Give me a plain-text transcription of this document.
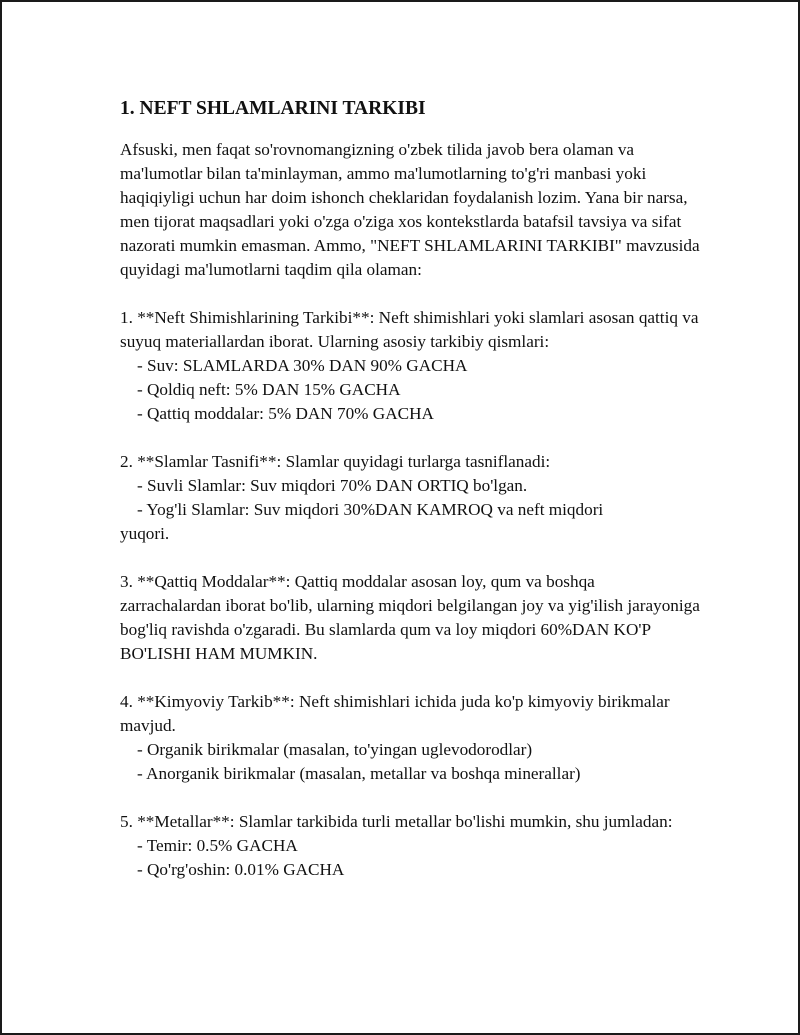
1. NEFT SHLAMLARINI TARKIBI

Afsuski, men faqat so'rovnomangizning o'zbek tilida javob bera olaman va ma'lumotlar bilan ta'minlayman, ammo ma'lumotlarning to'g'ri manbasi yoki haqiqiyligi uchun har doim ishonch cheklaridan foydalanish lozim. Yana bir narsa, men tijorat maqsadlari yoki o'zga o'ziga xos kontekstlarda batafsil tavsiya va sifat nazorati mumkin emasman. Ammo, "NEFT SHLAMLARINI TARKIBI" mavzusida quyidagi ma'lumotlarni taqdim qila olaman:

1. **Neft Shimishlarining Tarkibi**: Neft shimishlari yoki slamlari asosan qattiq va suyuq materiallardan iborat. Ularning asosiy tarkibiy qismlari:

- Suv: SLAMLARDA 30% DAN 90% GACHA

- Qoldiq neft: 5% DAN 15% GACHA

- Qattiq moddalar: 5% DAN 70% GACHA

2. **Slamlar Tasnifi**: Slamlar quyidagi turlarga tasniflanadi:

- Suvli Slamlar: Suv miqdori 70% DAN ORTIQ bo'lgan.

- Yog'li Slamlar: Suv miqdori 30%DAN KAMROQ va neft miqdori

yuqori.

3. **Qattiq Moddalar**: Qattiq moddalar asosan loy, qum va boshqa zarrachalardan iborat bo'lib, ularning miqdori belgilangan joy va yig'ilish jarayoniga bog'liq ravishda o'zgaradi. Bu slamlarda qum va loy miqdori 60%DAN KO'P BO'LISHI HAM MUMKIN.

4. **Kimyoviy Tarkib**: Neft shimishlari ichida juda ko'p kimyoviy birikmalar mavjud.

- Organik birikmalar (masalan, to'yingan uglevodorodlar)

- Anorganik birikmalar (masalan, metallar va boshqa minerallar)

5. **Metallar**: Slamlar tarkibida turli metallar bo'lishi mumkin, shu jumladan:

- Temir: 0.5% GACHA

- Qo'rg'oshin: 0.01% GACHA
